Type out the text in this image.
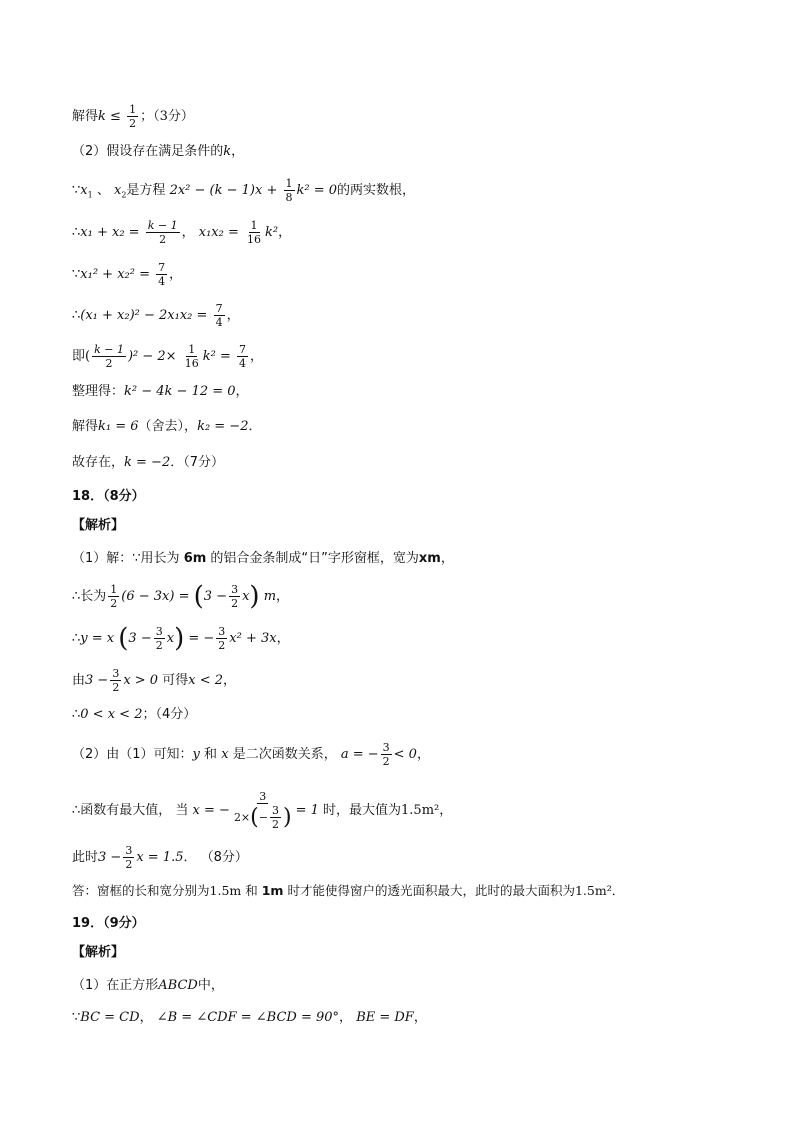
解得$k \le \frac{1}{2}$ ；（3分）
（2）假设存在满足条件的k，
$\because x_1$ 、 $x_2$是方程 $2x^2 - (k - 1)x + \frac{1}{8} k^2 = 0$的两实数根，
∴x₁ + $x_2 = \frac{k - 1}{2}$ ， $x_1x_2 = \frac{1}{16} k^2$，
∵x₁² + $x_2^2 = \frac{7}{4}$ ，
∴(x₁ + $x_2)^2 - 2x_1x_2 = \frac{7}{4}$ ，
即( $\frac{k - 1}{2} )^2 - 2\times \frac{1}{16} k^2 = \frac{7}{4}$ ，
整理得：k² − 4k − 12 = 0，
解得k₁ = 6（舍去），k₂ = −2．
故存在，k = −2．（7分）
18．（8分）
【解析】
（1）解：∵用长为 6m 的铝合金条制成“日”字形窗框，宽为xm，
∴长为 $\frac{1}{2} (6 - 3x) = (3 - \frac{3}{2} x)$ m，
∴y = x $(3 - \frac{3}{2} x)$ = − $\frac{3}{2} x^2 + 3x$，
由$3 - \frac{3}{2}$ x > 0 可得x < 2，
∴0 < x < 2；（4分）
（2）由（1）可知：y 和 x 是二次函数关系， a = − $\frac{3}{2} < 0$，
∴函数有最大值， 当 x = − $\frac{3}{2\times ( - \frac{3}{2} )} = 1$ 时，最大值为1.5m²，
此时$3 - \frac{3}{2}$ x = 1.5． （8分）
答：窗框的长和宽分别为1.5m 和 1m 时才能使得窗户的透光面积最大，此时的最大面积为1.5m²．
19．（9分）
【解析】
（1）在正方形ABCD中，
∵BC = CD， ∠B = ∠CDF = ∠BCD = 90°， BE = DF，
